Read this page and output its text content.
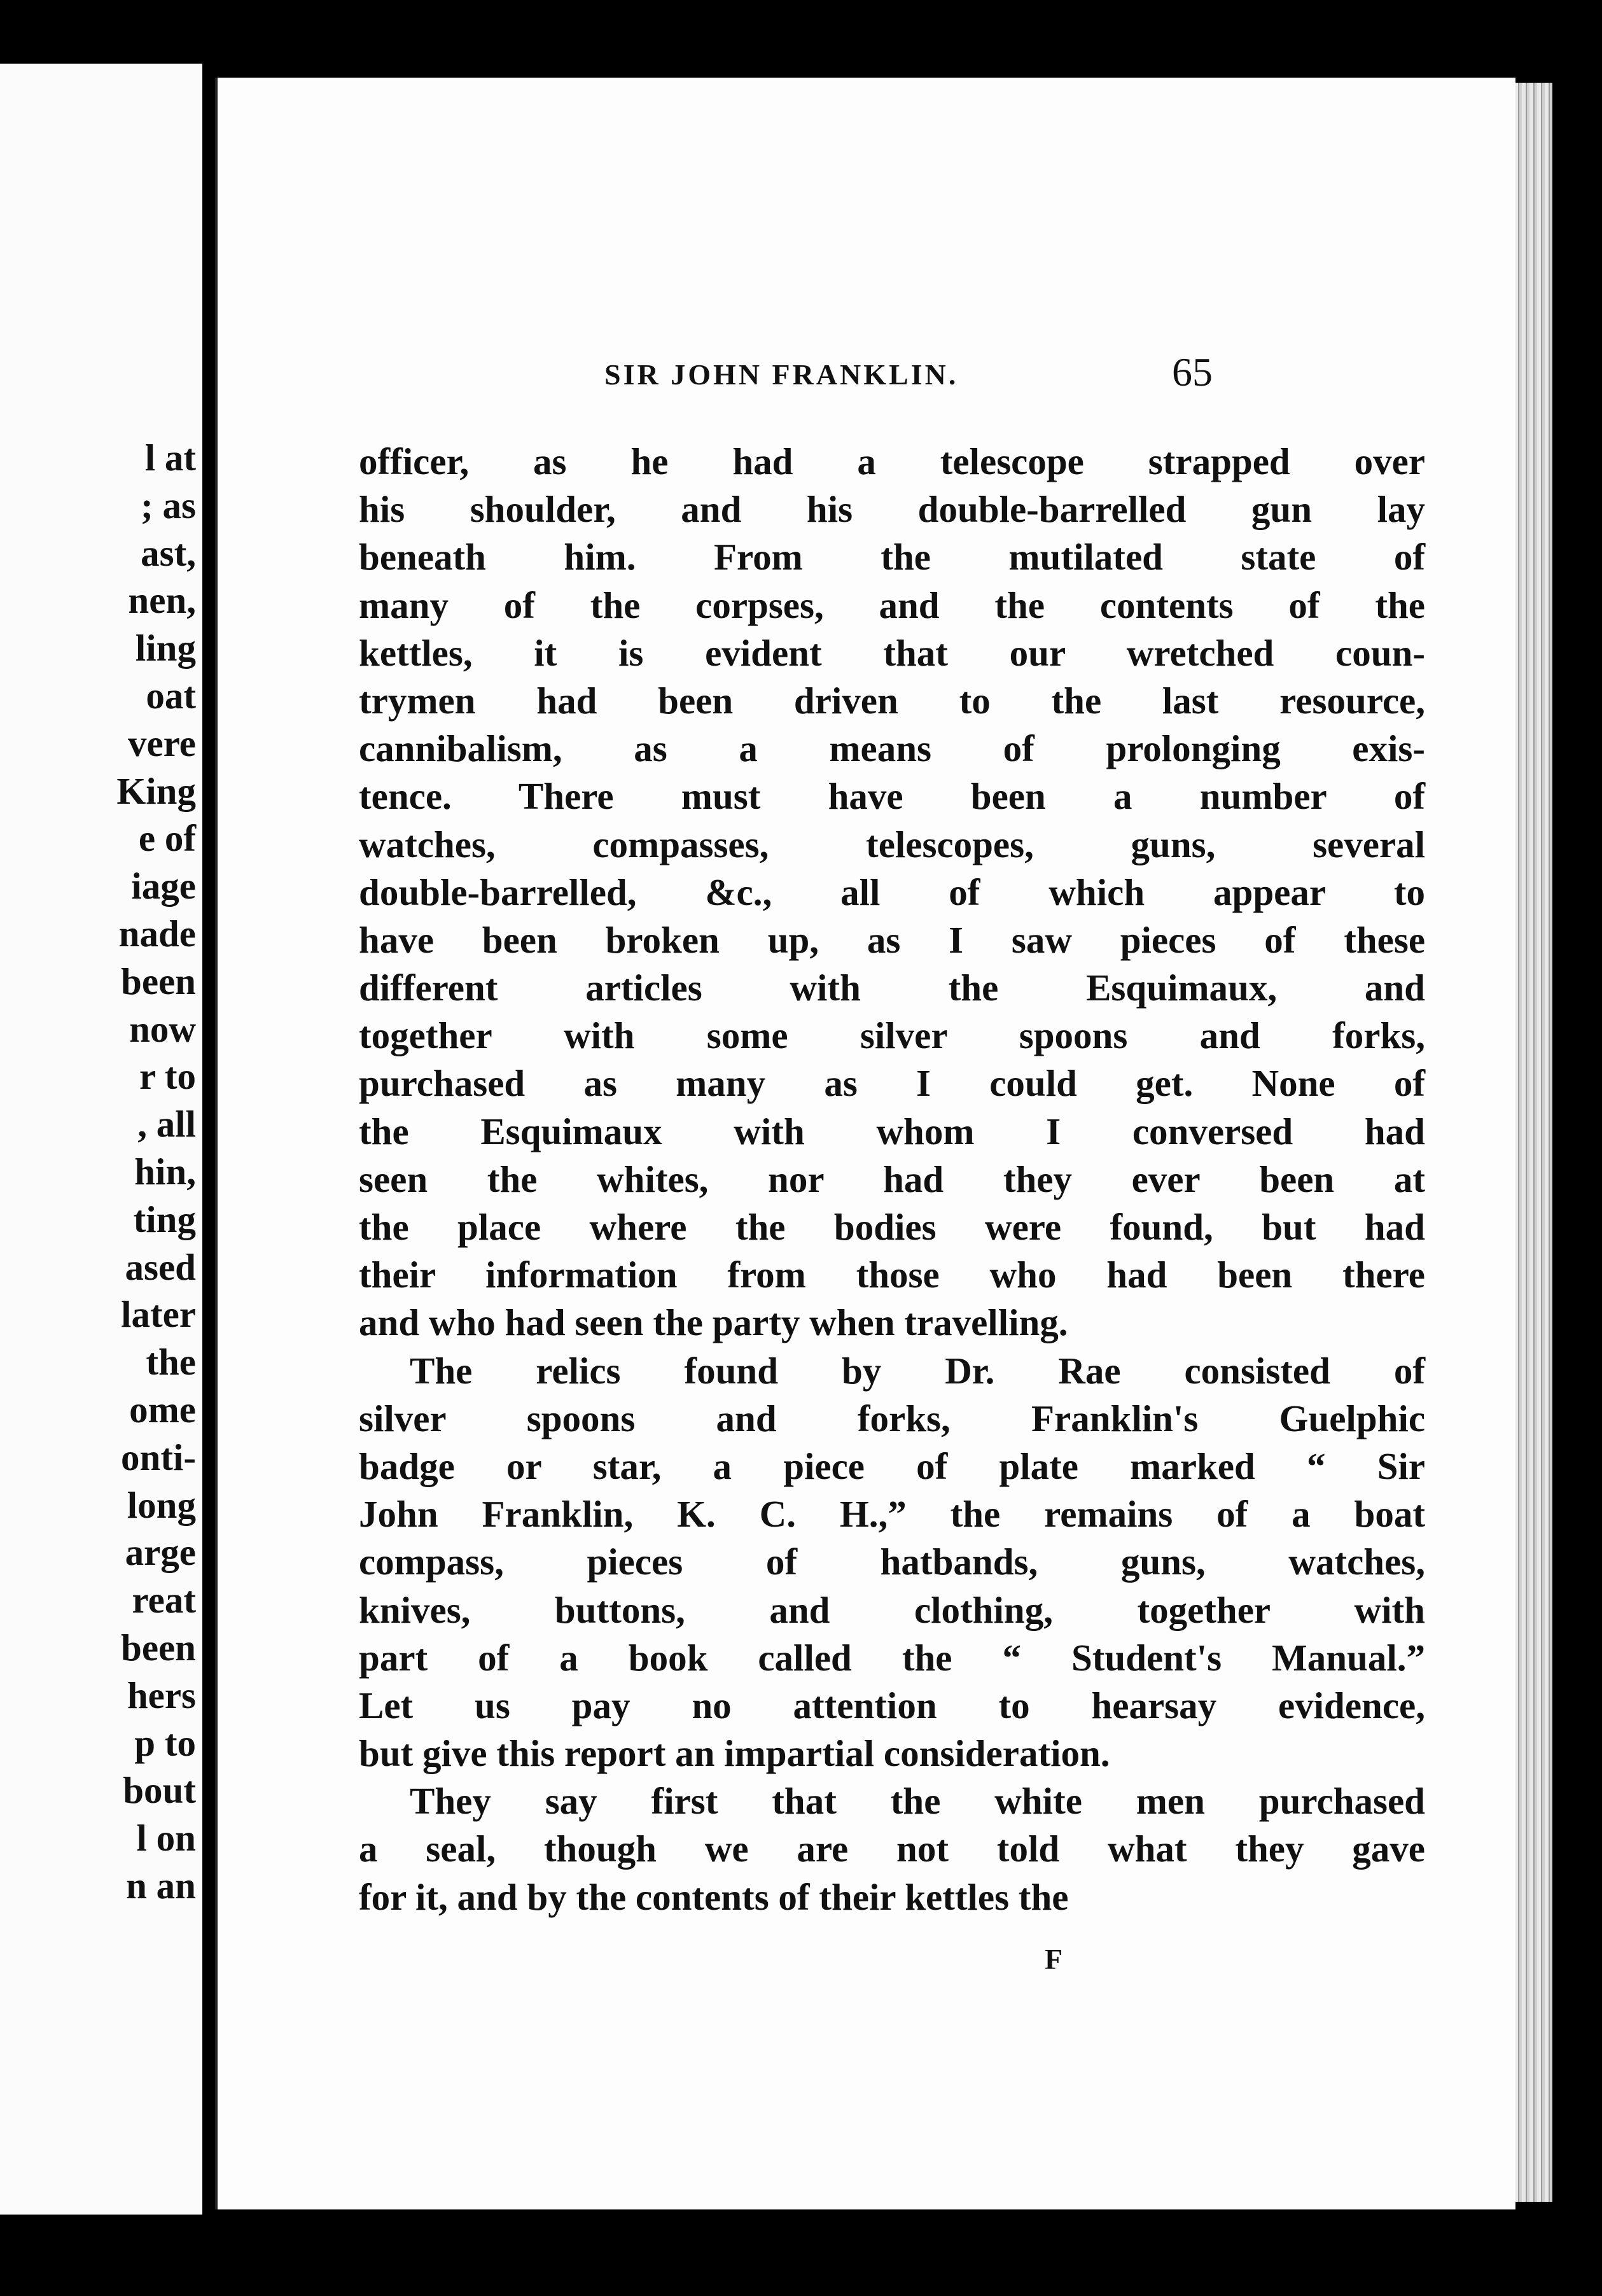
l at
; as
ast,
nen,
ling
oat
vere
King
e of
iage
nade
been
now
r to
, all
hin,
ting
ased
later
the
ome
onti-
long
arge
reat
been
hers
p to
bout
l on
n an
SIR JOHN FRANKLIN.	65
officer, as he had a telescope strapped over
his shoulder, and his double-barrelled gun lay
beneath him. From the mutilated state of
many of the corpses, and the contents of the
kettles, it is evident that our wretched coun-
trymen had been driven to the last resource,
cannibalism, as a means of prolonging exis-
tence. There must have been a number of
watches, compasses, telescopes, guns, several
double-barrelled, &c., all of which appear to
have been broken up, as I saw pieces of these
different articles with the Esquimaux, and
together with some silver spoons and forks,
purchased as many as I could get. None of
the Esquimaux with whom I conversed had
seen the whites, nor had they ever been at
the place where the bodies were found, but had
their information from those who had been there
and who had seen the party when travelling.
The relics found by Dr. Rae consisted of
silver spoons and forks, Franklin's Guelphic
badge or star, a piece of plate marked “ Sir
John Franklin, K. C. H.,” the remains of a boat
compass, pieces of hatbands, guns, watches,
knives, buttons, and clothing, together with
part of a book called the “ Student's Manual.”
Let us pay no attention to hearsay evidence,
but give this report an impartial consideration.
They say first that the white men purchased
a seal, though we are not told what they gave
for it, and by the contents of their kettles the
F
